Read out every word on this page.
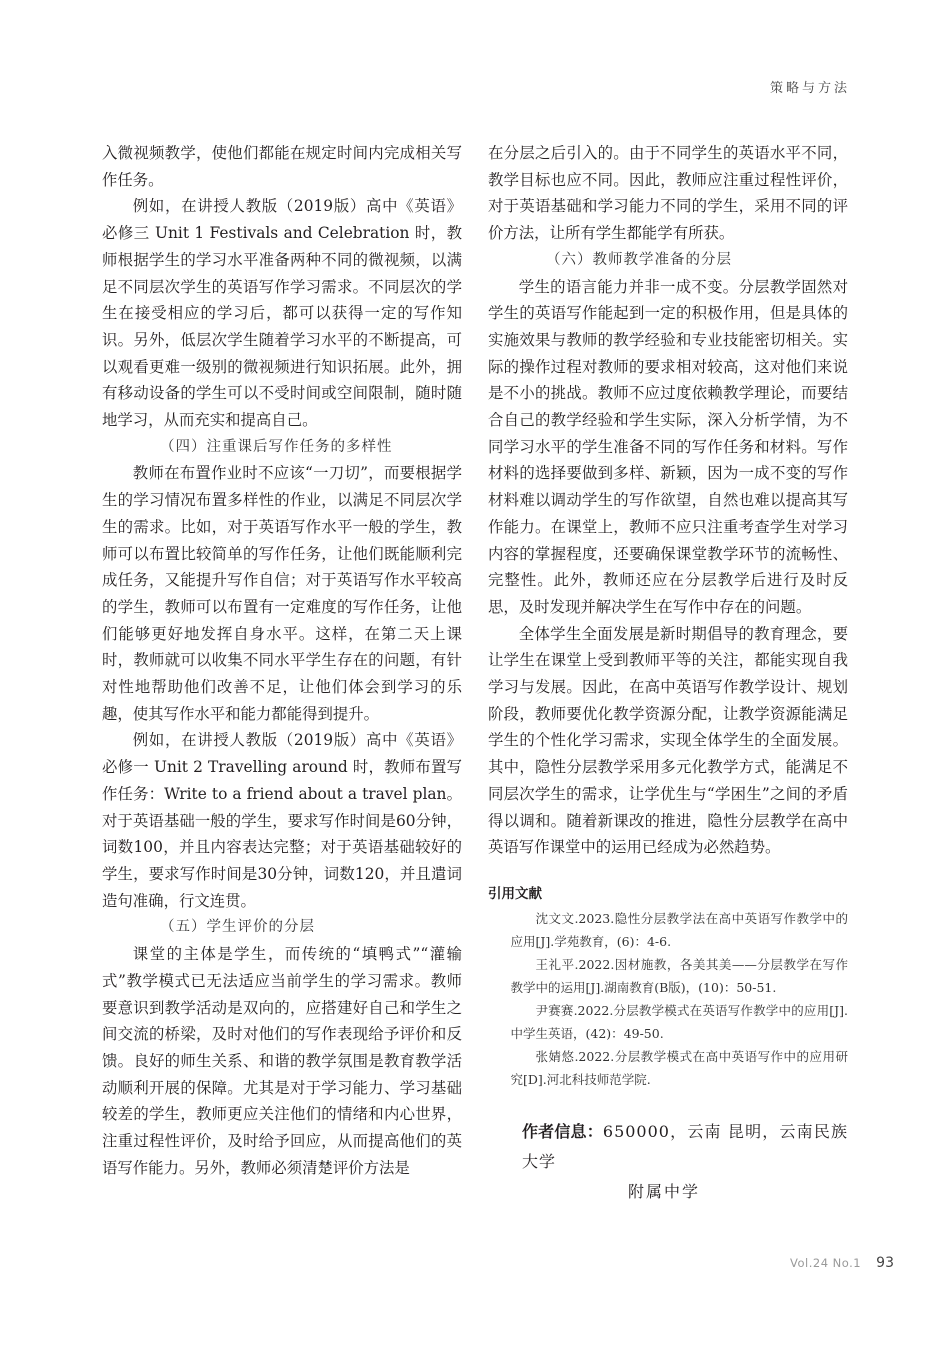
策略与方法

入微视频教学，使他们都能在规定时间内完成相关写作任务。

例如，在讲授人教版（2019版）高中《英语》必修三 Unit 1 Festivals and Celebration 时，教师根据学生的学习水平准备两种不同的微视频，以满足不同层次学生的英语写作学习需求。不同层次的学生在接受相应的学习后，都可以获得一定的写作知识。另外，低层次学生随着学习水平的不断提高，可以观看更难一级别的微视频进行知识拓展。此外，拥有移动设备的学生可以不受时间或空间限制，随时随地学习，从而充实和提高自己。

（四）注重课后写作任务的多样性

教师在布置作业时不应该“一刀切”，而要根据学生的学习情况布置多样性的作业，以满足不同层次学生的需求。比如，对于英语写作水平一般的学生，教师可以布置比较简单的写作任务，让他们既能顺利完成任务，又能提升写作自信；对于英语写作水平较高的学生，教师可以布置有一定难度的写作任务，让他们能够更好地发挥自身水平。这样，在第二天上课时，教师就可以收集不同水平学生存在的问题，有针对性地帮助他们改善不足，让他们体会到学习的乐趣，使其写作水平和能力都能得到提升。

例如，在讲授人教版（2019版）高中《英语》必修一 Unit 2 Travelling around 时，教师布置写作任务：Write to a friend about a travel plan。对于英语基础一般的学生，要求写作时间是60分钟，词数100，并且内容表达完整；对于英语基础较好的学生，要求写作时间是30分钟，词数120，并且遣词造句准确，行文连贯。

（五）学生评价的分层

课堂的主体是学生，而传统的“填鸭式”“灌输式”教学模式已无法适应当前学生的学习需求。教师要意识到教学活动是双向的，应搭建好自己和学生之间交流的桥梁，及时对他们的写作表现给予评价和反馈。良好的师生关系、和谐的教学氛围是教育教学活动顺利开展的保障。尤其是对于学习能力、学习基础较差的学生，教师更应关注他们的情绪和内心世界，注重过程性评价，及时给予回应，从而提高他们的英语写作能力。另外，教师必须清楚评价方法是

在分层之后引入的。由于不同学生的英语水平不同，教学目标也应不同。因此，教师应注重过程性评价，对于英语基础和学习能力不同的学生，采用不同的评价方法，让所有学生都能学有所获。

（六）教师教学准备的分层

学生的语言能力并非一成不变。分层教学固然对学生的英语写作能起到一定的积极作用，但是具体的实施效果与教师的教学经验和专业技能密切相关。实际的操作过程对教师的要求相对较高，这对他们来说是不小的挑战。教师不应过度依赖教学理论，而要结合自己的教学经验和学生实际，深入分析学情，为不同学习水平的学生准备不同的写作任务和材料。写作材料的选择要做到多样、新颖，因为一成不变的写作材料难以调动学生的写作欲望，自然也难以提高其写作能力。在课堂上，教师不应只注重考查学生对学习内容的掌握程度，还要确保课堂教学环节的流畅性、完整性。此外，教师还应在分层教学后进行及时反思，及时发现并解决学生在写作中存在的问题。

全体学生全面发展是新时期倡导的教育理念，要让学生在课堂上受到教师平等的关注，都能实现自我学习与发展。因此，在高中英语写作教学设计、规划阶段，教师要优化教学资源分配，让教学资源能满足学生的个性化学习需求，实现全体学生的全面发展。其中，隐性分层教学采用多元化教学方式，能满足不同层次学生的需求，让学优生与“学困生”之间的矛盾得以调和。随着新课改的推进，隐性分层教学在高中英语写作课堂中的运用已经成为必然趋势。

引用文献

沈文文.2023.隐性分层教学法在高中英语写作教学中的应用[J].学苑教育，(6)：4-6.

王礼平.2022.因材施教，各美其美——分层教学在写作教学中的运用[J].湖南教育(B版)，(10)：50-51.

尹赛赛.2022.分层教学模式在英语写作教学中的应用[J].中学生英语，(42)：49-50.

张婧悠.2022.分层教学模式在高中英语写作中的应用研究[D].河北科技师范学院.

作者信息：650000，云南 昆明，云南民族大学
附属中学
Vol.24 No.1 93
